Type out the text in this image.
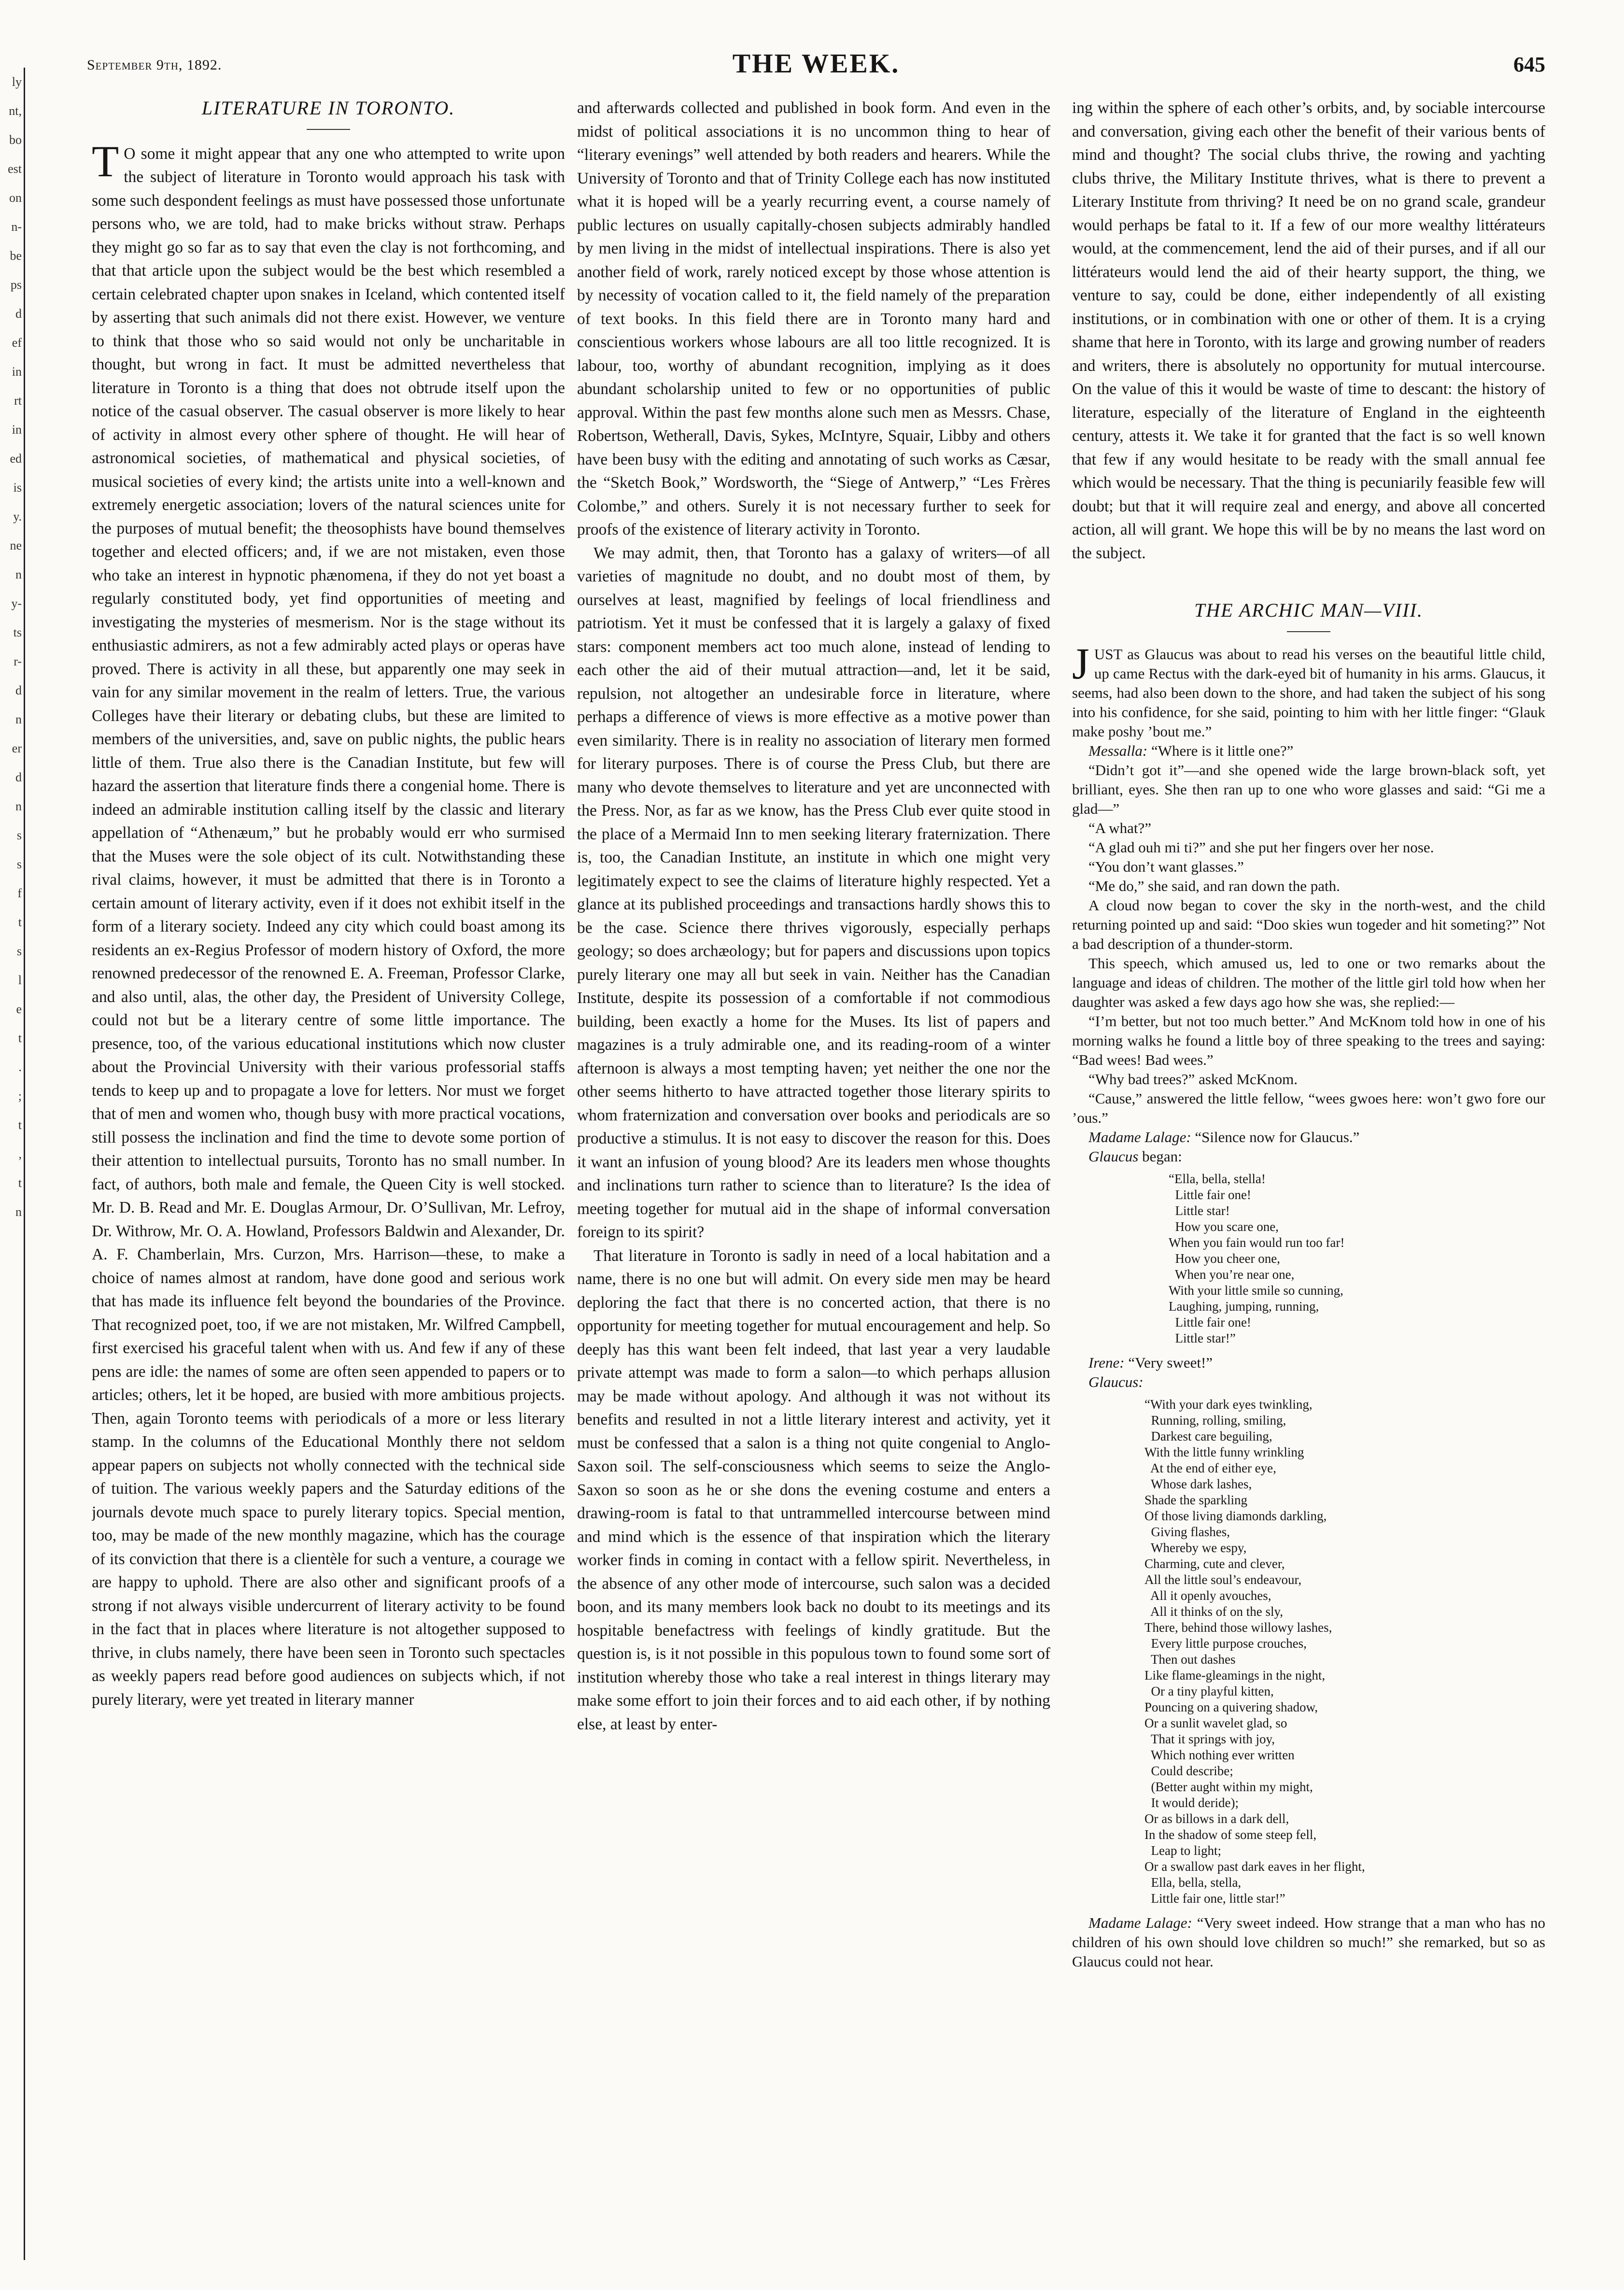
ly
nt,
bo
est
on
n-
be
ps
d
ef
in
rt
in
ed
is
y.
ne
n
y-
ts
r-
d
n
er
d
n
s
s
f
t
s
l
e
t
.
;
t
,
t
n
September 9th, 1892.	THE WEEK.	645
LITERATURE IN TORONTO.

T O some it might appear that any one who attempted to write upon the subject of literature in Toronto would approach his task with some such despondent feelings as must have possessed those unfortunate persons who, we are told, had to make bricks without straw. Perhaps they might go so far as to say that even the clay is not forthcoming, and that that article upon the subject would be the best which resembled a certain celebrated chapter upon snakes in Iceland, which contented itself by asserting that such animals did not there exist. However, we venture to think that those who so said would not only be uncharitable in thought, but wrong in fact. It must be admitted nevertheless that literature in Toronto is a thing that does not obtrude itself upon the notice of the casual observer. The casual observer is more likely to hear of activity in almost every other sphere of thought. He will hear of astronomical societies, of mathematical and physical societies, of musical societies of every kind; the artists unite into a well-known and extremely energetic association; lovers of the natural sciences unite for the purposes of mutual benefit; the theosophists have bound themselves together and elected officers; and, if we are not mistaken, even those who take an interest in hypnotic phænomena, if they do not yet boast a regularly constituted body, yet find opportunities of meeting and investigating the mysteries of mesmerism. Nor is the stage without its enthusiastic admirers, as not a few admirably acted plays or operas have proved. There is activity in all these, but apparently one may seek in vain for any similar movement in the realm of letters. True, the various Colleges have their literary or debating clubs, but these are limited to members of the universities, and, save on public nights, the public hears little of them. True also there is the Canadian Institute, but few will hazard the assertion that literature finds there a congenial home. There is indeed an admirable institution calling itself by the classic and literary appellation of “Athenæum,” but he probably would err who surmised that the Muses were the sole object of its cult. Notwithstanding these rival claims, however, it must be admitted that there is in Toronto a certain amount of literary activity, even if it does not exhibit itself in the form of a literary society. Indeed any city which could boast among its residents an ex-Regius Professor of modern history of Oxford, the more renowned predecessor of the renowned E. A. Freeman, Professor Clarke, and also until, alas, the other day, the President of University College, could not but be a literary centre of some little importance. The presence, too, of the various educational institutions which now cluster about the Provincial University with their various professorial staffs tends to keep up and to propagate a love for letters. Nor must we forget that of men and women who, though busy with more practical vocations, still possess the inclination and find the time to devote some portion of their attention to intellectual pursuits, Toronto has no small number. In fact, of authors, both male and female, the Queen City is well stocked. Mr. D. B. Read and Mr. E. Douglas Armour, Dr. O’Sullivan, Mr. Lefroy, Dr. Withrow, Mr. O. A. Howland, Professors Baldwin and Alexander, Dr. A. F. Chamberlain, Mrs. Curzon, Mrs. Harrison—these, to make a choice of names almost at random, have done good and serious work that has made its influence felt beyond the boundaries of the Province. That recognized poet, too, if we are not mistaken, Mr. Wilfred Campbell, first exercised his graceful talent when with us. And few if any of these pens are idle: the names of some are often seen appended to papers or to articles; others, let it be hoped, are busied with more ambitious projects. Then, again Toronto teems with periodicals of a more or less literary stamp. In the columns of the Educational Monthly there not seldom appear papers on subjects not wholly connected with the technical side of tuition. The various weekly papers and the Saturday editions of the journals devote much space to purely literary topics. Special mention, too, may be made of the new monthly magazine, which has the courage of its conviction that there is a clientèle for such a venture, a courage we are happy to uphold. There are also other and significant proofs of a strong if not always visible undercurrent of literary activity to be found in the fact that in places where literature is not altogether supposed to thrive, in clubs namely, there have been seen in Toronto such spectacles as weekly papers read before good audiences on subjects which, if not purely literary, were yet treated in literary manner

and afterwards collected and published in book form. And even in the midst of political associations it is no uncommon thing to hear of “literary evenings” well attended by both readers and hearers. While the University of Toronto and that of Trinity College each has now instituted what it is hoped will be a yearly recurring event, a course namely of public lectures on usually capitally-chosen subjects admirably handled by men living in the midst of intellectual inspirations. There is also yet another field of work, rarely noticed except by those whose attention is by necessity of vocation called to it, the field namely of the preparation of text books. In this field there are in Toronto many hard and conscientious workers whose labours are all too little recognized. It is labour, too, worthy of abundant recognition, implying as it does abundant scholarship united to few or no opportunities of public approval. Within the past few months alone such men as Messrs. Chase, Robertson, Wetherall, Davis, Sykes, McIntyre, Squair, Libby and others have been busy with the editing and annotating of such works as Cæsar, the “Sketch Book,” Wordsworth, the “Siege of Antwerp,” “Les Frères Colombe,” and others. Surely it is not necessary further to seek for proofs of the existence of literary activity in Toronto.

We may admit, then, that Toronto has a galaxy of writers—of all varieties of magnitude no doubt, and no doubt most of them, by ourselves at least, magnified by feelings of local friendliness and patriotism. Yet it must be confessed that it is largely a galaxy of fixed stars: component members act too much alone, instead of lending to each other the aid of their mutual attraction—and, let it be said, repulsion, not altogether an undesirable force in literature, where perhaps a difference of views is more effective as a motive power than even similarity. There is in reality no association of literary men formed for literary purposes. There is of course the Press Club, but there are many who devote themselves to literature and yet are unconnected with the Press. Nor, as far as we know, has the Press Club ever quite stood in the place of a Mermaid Inn to men seeking literary fraternization. There is, too, the Canadian Institute, an institute in which one might very legitimately expect to see the claims of literature highly respected. Yet a glance at its published proceedings and transactions hardly shows this to be the case. Science there thrives vigorously, especially perhaps geology; so does archæology; but for papers and discussions upon topics purely literary one may all but seek in vain. Neither has the Canadian Institute, despite its possession of a comfortable if not commodious building, been exactly a home for the Muses. Its list of papers and magazines is a truly admirable one, and its reading-room of a winter afternoon is always a most tempting haven; yet neither the one nor the other seems hitherto to have attracted together those literary spirits to whom fraternization and conversation over books and periodicals are so productive a stimulus. It is not easy to discover the reason for this. Does it want an infusion of young blood? Are its leaders men whose thoughts and inclinations turn rather to science than to literature? Is the idea of meeting together for mutual aid in the shape of informal conversation foreign to its spirit?

That literature in Toronto is sadly in need of a local habitation and a name, there is no one but will admit. On every side men may be heard deploring the fact that there is no concerted action, that there is no opportunity for meeting together for mutual encouragement and help. So deeply has this want been felt indeed, that last year a very laudable private attempt was made to form a salon—to which perhaps allusion may be made without apology. And although it was not without its benefits and resulted in not a little literary interest and activity, yet it must be confessed that a salon is a thing not quite congenial to Anglo-Saxon soil. The self-consciousness which seems to seize the Anglo-Saxon so soon as he or she dons the evening costume and enters a drawing-room is fatal to that untrammelled intercourse between mind and mind which is the essence of that inspiration which the literary worker finds in coming in contact with a fellow spirit. Nevertheless, in the absence of any other mode of intercourse, such salon was a decided boon, and its many members look back no doubt to its meetings and its hospitable benefactress with feelings of kindly gratitude. But the question is, is it not possible in this populous town to found some sort of institution whereby those who take a real interest in things literary may make some effort to join their forces and to aid each other, if by nothing else, at least by enter-

ing within the sphere of each other’s orbits, and, by sociable intercourse and conversation, giving each other the benefit of their various bents of mind and thought? The social clubs thrive, the rowing and yachting clubs thrive, the Military Institute thrives, what is there to prevent a Literary Institute from thriving? It need be on no grand scale, grandeur would perhaps be fatal to it. If a few of our more wealthy littérateurs would, at the commencement, lend the aid of their purses, and if all our littérateurs would lend the aid of their hearty support, the thing, we venture to say, could be done, either independently of all existing institutions, or in combination with one or other of them. It is a crying shame that here in Toronto, with its large and growing number of readers and writers, there is absolutely no opportunity for mutual intercourse. On the value of this it would be waste of time to descant: the history of literature, especially of the literature of England in the eighteenth century, attests it. We take it for granted that the fact is so well known that few if any would hesitate to be ready with the small annual fee which would be necessary. That the thing is pecuniarily feasible few will doubt; but that it will require zeal and energy, and above all concerted action, all will grant. We hope this will be by no means the last word on the subject.

THE ARCHIC MAN—VIII.

JUST as Glaucus was about to read his verses on the beautiful little child, up came Rectus with the dark-eyed bit of humanity in his arms. Glaucus, it seems, had also been down to the shore, and had taken the subject of his song into his confidence, for she said, pointing to him with her little finger: “Glauk make poshy ’bout me.”

Messalla: “Where is it little one?”

“Didn’t got it”—and she opened wide the large brown-black soft, yet brilliant, eyes. She then ran up to one who wore glasses and said: “Gi me a glad—”

“A what?”

“A glad ouh mi ti?” and she put her fingers over her nose.

“You don’t want glasses.”

“Me do,” she said, and ran down the path.

A cloud now began to cover the sky in the north-west, and the child returning pointed up and said: “Doo skies wun togeder and hit someting?” Not a bad description of a thunder-storm.

This speech, which amused us, led to one or two remarks about the language and ideas of children. The mother of the little girl told how when her daughter was asked a few days ago how she was, she replied:—

“I’m better, but not too much better.” And McKnom told how in one of his morning walks he found a little boy of three speaking to the trees and saying: “Bad wees! Bad wees.”

“Why bad trees?” asked McKnom.

“Cause,” answered the little fellow, “wees gwoes here: won’t gwo fore our ’ous.”

Madame Lalage: “Silence now for Glaucus.”

Glaucus began:

“Ella, bella, stella!
Little fair one!
Little star!
How you scare one,
When you fain would run too far!
How you cheer one,
When you’re near one,
With your little smile so cunning,
Laughing, jumping, running,
Little fair one!
Little star!”

Irene: “Very sweet!”

Glaucus:

“With your dark eyes twinkling,
Running, rolling, smiling,
Darkest care beguiling,
With the little funny wrinkling
At the end of either eye,
Whose dark lashes,
Shade the sparkling
Of those living diamonds darkling,
Giving flashes,
Whereby we espy,
Charming, cute and clever,
All the little soul’s endeavour,
All it openly avouches,
All it thinks of on the sly,
There, behind those willowy lashes,
Every little purpose crouches,
Then out dashes
Like flame-gleamings in the night,
Or a tiny playful kitten,
Pouncing on a quivering shadow,
Or a sunlit wavelet glad, so
That it springs with joy,
Which nothing ever written
Could describe;
(Better aught within my might,
It would deride);
Or as billows in a dark dell,
In the shadow of some steep fell,
Leap to light;
Or a swallow past dark eaves in her flight,
Ella, bella, stella,
Little fair one, little star!”

Madame Lalage: “Very sweet indeed. How strange that a man who has no children of his own should love children so much!” she remarked, but so as Glaucus could not hear.
